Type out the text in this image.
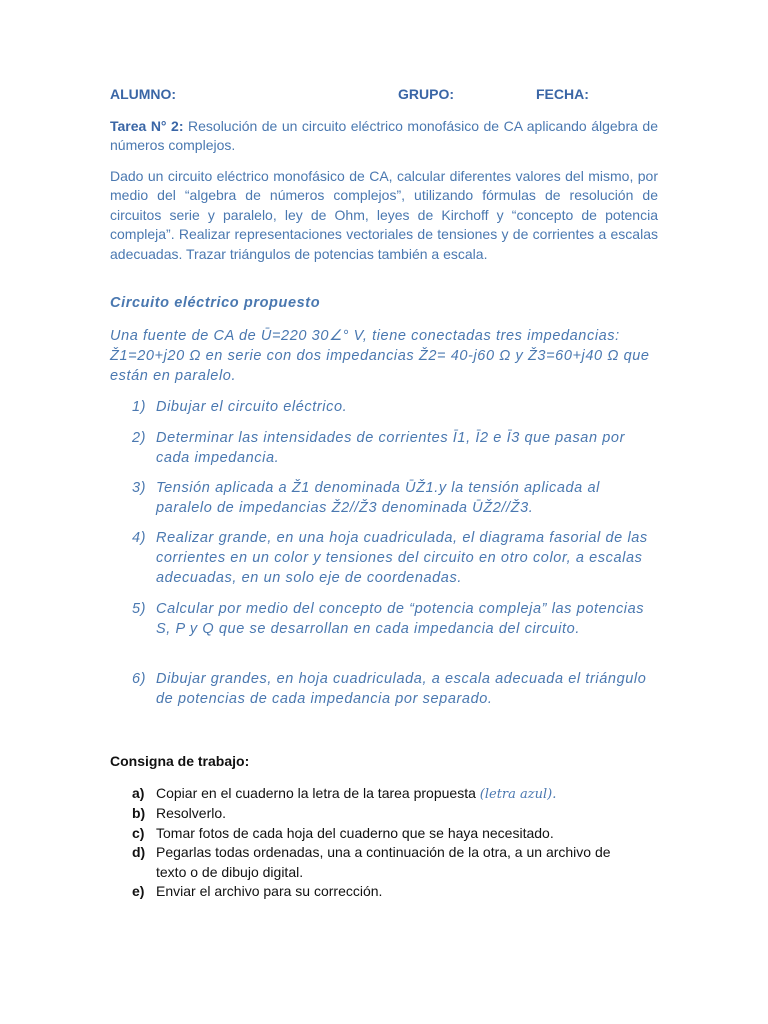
ALUMNO:	GRUPO:	FECHA:

Tarea N° 2: Resolución de un circuito eléctrico monofásico de CA aplicando álgebra de números complejos.

Dado un circuito eléctrico monofásico de CA, calcular diferentes valores del mismo, por medio del “algebra de números complejos”, utilizando fórmulas de resolución de circuitos serie y paralelo, ley de Ohm, leyes de Kirchoff y “concepto de potencia compleja”. Realizar representaciones vectoriales de tensiones y de corrientes a escalas adecuadas. Trazar triángulos de potencias también a escala.

Circuito eléctrico propuesto

Una fuente de CA de Ū=220 30∠° V, tiene conectadas tres impedancias: Ž1=20+j20 Ω en serie con dos impedancias Ž2= 40-j60 Ω y Ž3=60+j40 Ω que están en paralelo.

1) Dibujar el circuito eléctrico.
2) Determinar las intensidades de corrientes Ī1, Ī2 e Ī3 que pasan por cada impedancia.
3) Tensión aplicada a Ž1 denominada ŪŽ1.y la tensión aplicada al paralelo de impedancias Ž2//Ž3 denominada ŪŽ2//Ž3.
4) Realizar grande, en una hoja cuadriculada, el diagrama fasorial de las corrientes en un color y tensiones del circuito en otro color, a escalas adecuadas, en un solo eje de coordenadas.
5) Calcular por medio del concepto de “potencia compleja” las potencias S, P y Q que se desarrollan en cada impedancia del circuito.
6) Dibujar grandes, en hoja cuadriculada, a escala adecuada el triángulo de potencias de cada impedancia por separado.
Consigna de trabajo:
a) Copiar en el cuaderno la letra de la tarea propuesta (letra azul).
b) Resolverlo.
c) Tomar fotos de cada hoja del cuaderno que se haya necesitado.
d) Pegarlas todas ordenadas, una a continuación de la otra, a un archivo de texto o de dibujo digital.
e) Enviar el archivo para su corrección.
